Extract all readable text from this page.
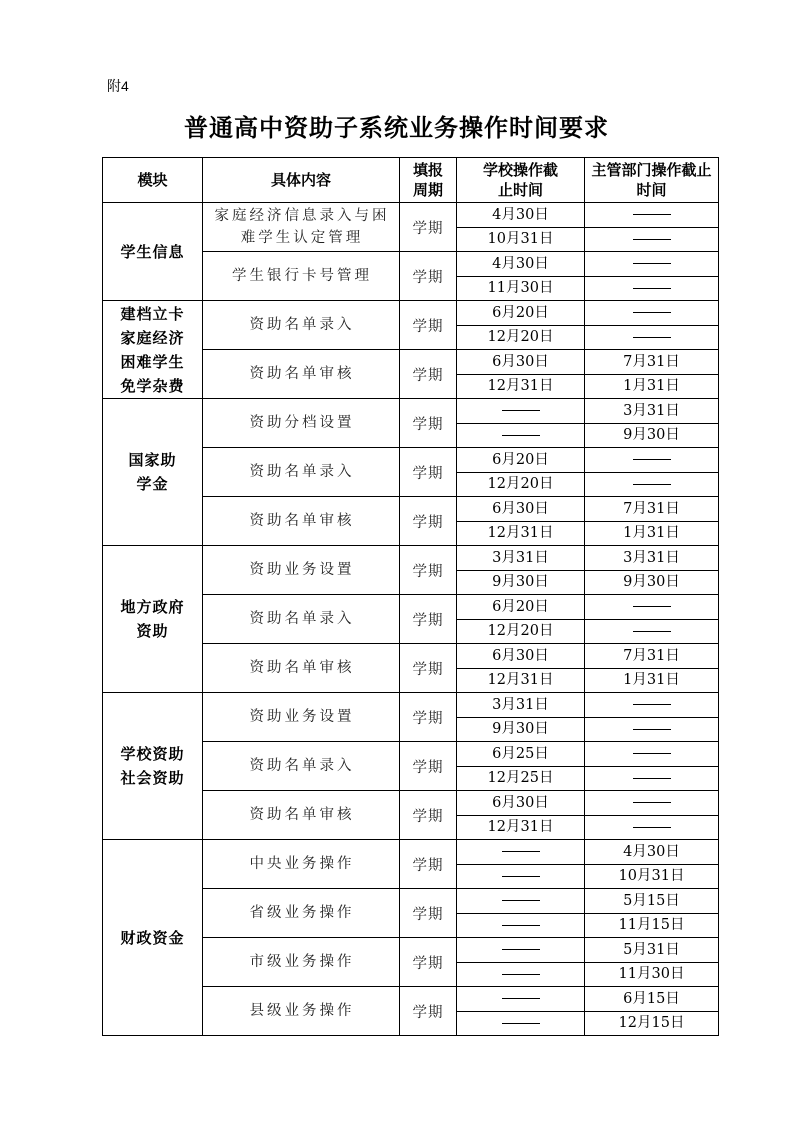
附4
普通高中资助子系统业务操作时间要求
模块	具体内容	填报周期	学校操作截止时间	主管部门操作截止时间
学生信息	家庭经济信息录入与困难学生认定管理	学期	4月30日	
			10月31日	
	学生银行卡号管理	学期	4月30日	
			11月30日	
建档立卡家庭经济困难学生免学杂费	资助名单录入	学期	6月20日	
			12月20日	
	资助名单审核	学期	6月30日	7月31日
			12月31日	1月31日
国家助学金	资助分档设置	学期		3月31日
				9月30日
	资助名单录入	学期	6月20日	
			12月20日	
	资助名单审核	学期	6月30日	7月31日
			12月31日	1月31日
地方政府资助	资助业务设置	学期	3月31日	3月31日
			9月30日	9月30日
	资助名单录入	学期	6月20日	
			12月20日	
	资助名单审核	学期	6月30日	7月31日
			12月31日	1月31日
学校资助社会资助	资助业务设置	学期	3月31日	
			9月30日	
	资助名单录入	学期	6月25日	
			12月25日	
	资助名单审核	学期	6月30日	
			12月31日	
财政资金	中央业务操作	学期		4月30日
				10月31日
	省级业务操作	学期		5月15日
				11月15日
	市级业务操作	学期		5月31日
				11月30日
	县级业务操作	学期		6月15日
				12月15日
